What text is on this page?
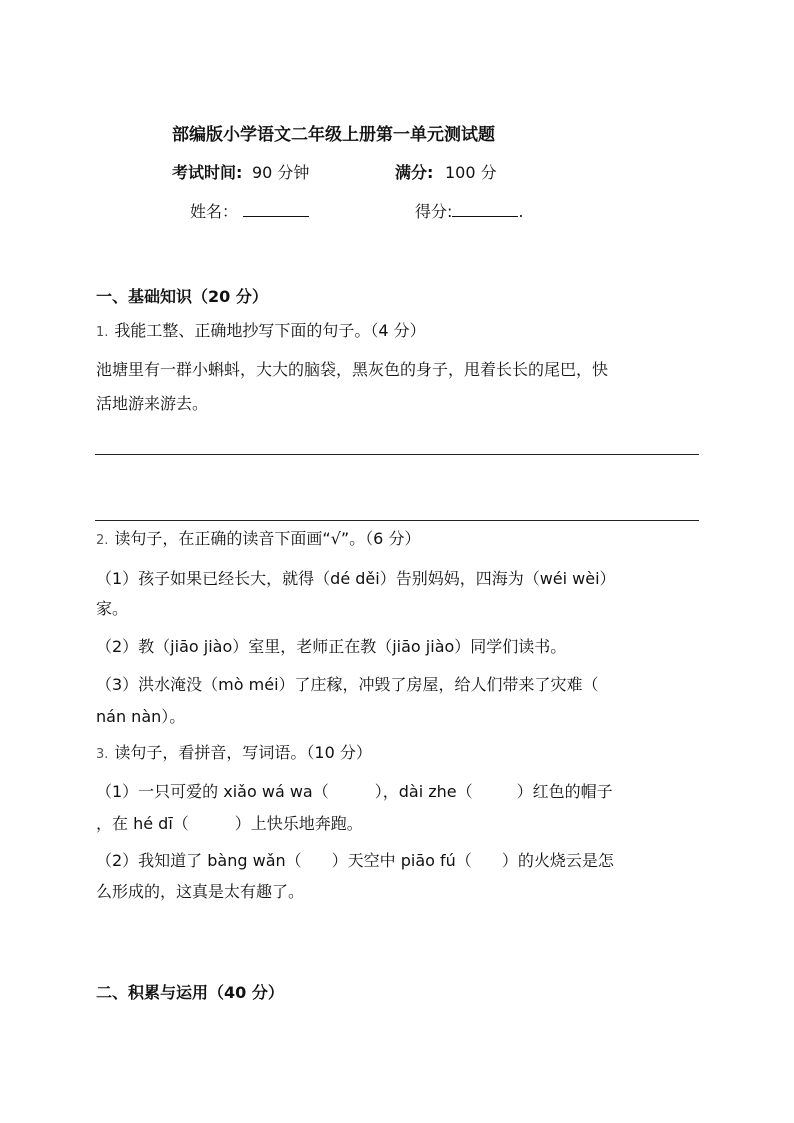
部编版小学语文二年级上册第一单元测试题
考试时间: 90 分钟	满分: 100 分
姓名：	得分:	.
一、基础知识（20 分）
1. 我能工整、正确地抄写下面的句子。（4 分）
池塘里有一群小蝌蚪，大大的脑袋，黑灰色的身子，甩着长长的尾巴，快
活地游来游去。
2. 读句子，在正确的读音下面画“√”。（6 分）
（1）孩子如果已经长大，就得（dé děi）告别妈妈，四海为（wéi wèi）
家。
（2）教（jiāo jiào）室里，老师正在教（jiāo jiào）同学们读书。
（3）洪水淹没（mò méi）了庄稼，冲毁了房屋，给人们带来了灾难（
nán nàn）。
3. 读句子，看拼音，写词语。（10 分）
（1）一只可爱的 xiǎo wá wa（	），dài zhe（	）红色的帽子
，在 hé dī（	）上快乐地奔跑。
（2）我知道了 bàng wǎn（ ）天空中 piāo fú（ ）的火烧云是怎
么形成的，这真是太有趣了。
二、积累与运用（40 分）
